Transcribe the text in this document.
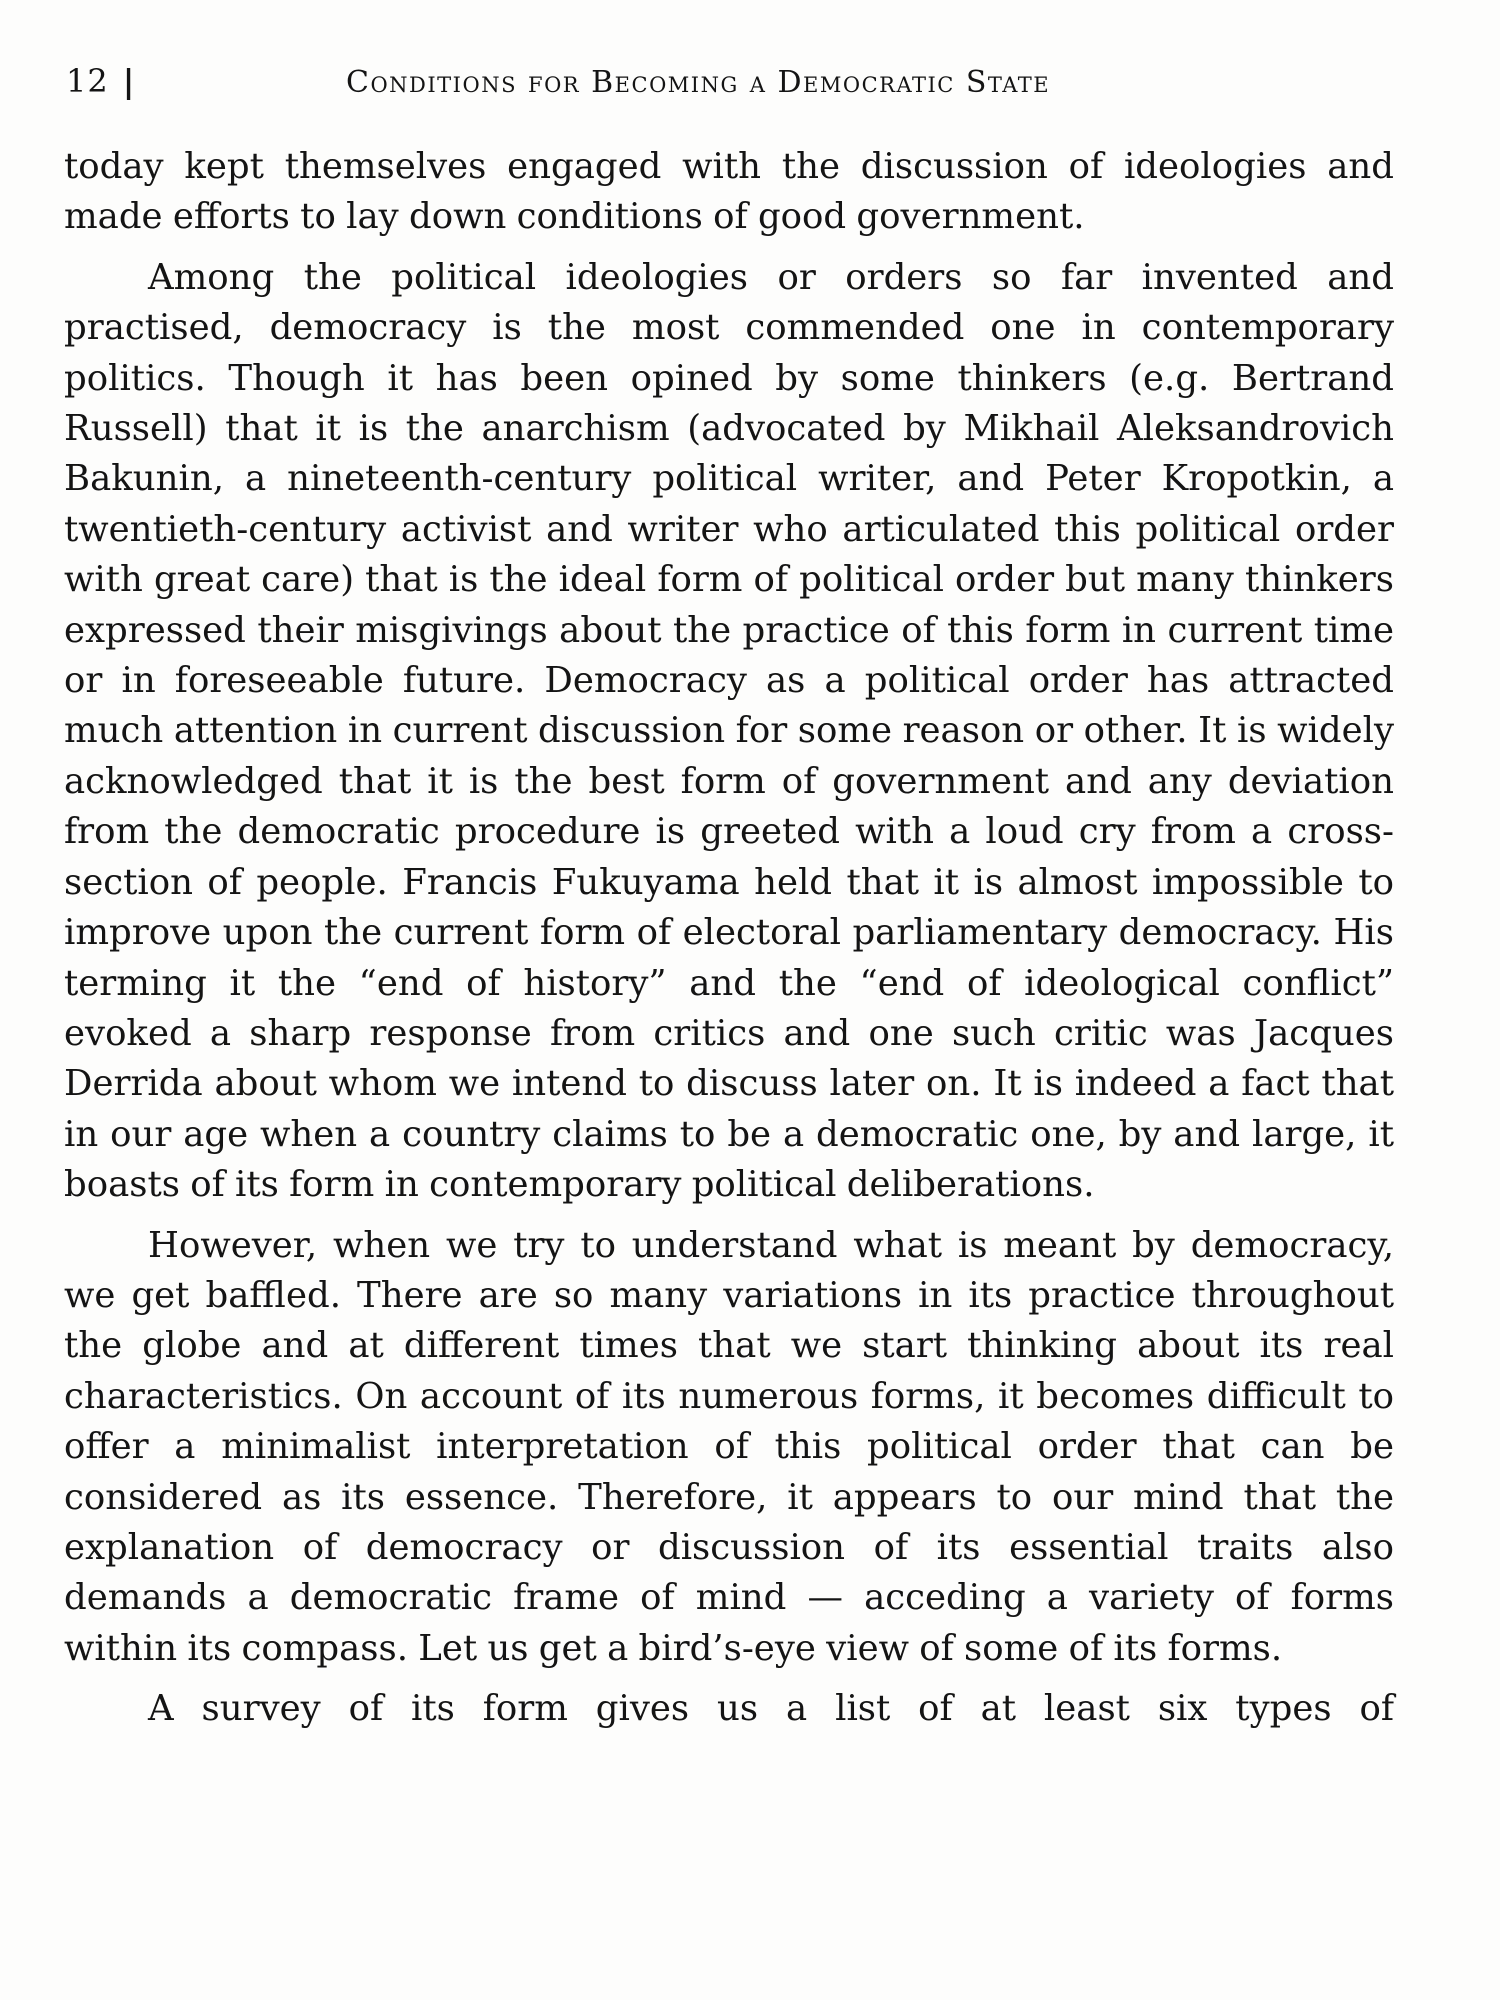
12 |	Conditions for Becoming a Democratic State

today kept themselves engaged with the discussion of ideologies and made efforts to lay down conditions of good government.

Among the political ideologies or orders so far invented and practised, democracy is the most commended one in contemporary politics. Though it has been opined by some thinkers (e.g. Bertrand Russell) that it is the anarchism (advocated by Mikhail Aleksandrovich Bakunin, a nineteenth-century political writer, and Peter Kropotkin, a twentieth-century activist and writer who articulated this political order with great care) that is the ideal form of political order but many thinkers expressed their misgivings about the practice of this form in current time or in foreseeable future. Democracy as a political order has attracted much attention in current discussion for some reason or other. It is widely acknowledged that it is the best form of government and any deviation from the democratic procedure is greeted with a loud cry from a cross-section of people. Francis Fukuyama held that it is almost impossible to improve upon the current form of electoral parliamentary democracy. His terming it the “end of history” and the “end of ideological conflict” evoked a sharp response from critics and one such critic was Jacques Derrida about whom we intend to discuss later on. It is indeed a fact that in our age when a country claims to be a democratic one, by and large, it boasts of its form in contemporary political deliberations.

However, when we try to understand what is meant by democracy, we get baffled. There are so many variations in its practice throughout the globe and at different times that we start thinking about its real characteristics. On account of its numerous forms, it becomes difficult to offer a minimalist interpretation of this political order that can be considered as its essence. Therefore, it appears to our mind that the explanation of democracy or discussion of its essential traits also demands a democratic frame of mind — acceding a variety of forms within its compass. Let us get a bird’s-eye view of some of its forms.

A survey of its form gives us a list of at least six types of
